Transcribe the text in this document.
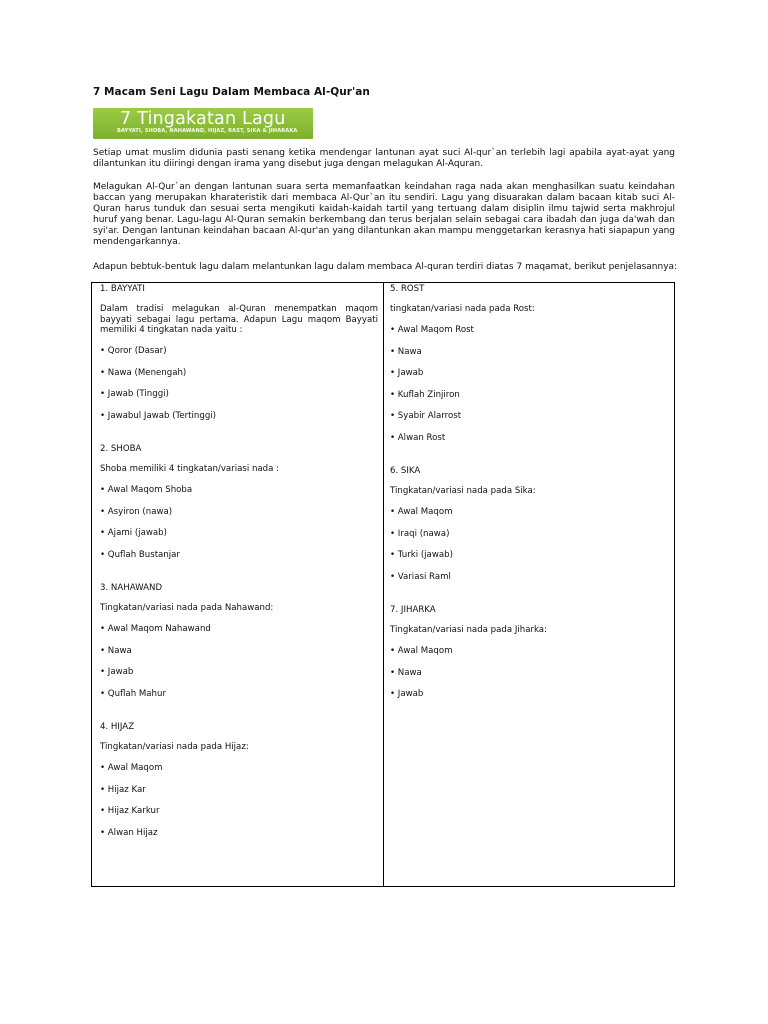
7 Macam Seni Lagu Dalam Membaca Al-Qur'an
7 Tingakatan Lagu
BAYYATI, SHOBA, NAHAWAND, HIJAZ, RAST, SIKA & JIHARAKA

Setiap umat muslim didunia pasti senang ketika mendengar lantunan ayat suci Al-qur`an terlebih lagi apabila ayat-ayat yang dilantunkan itu diiringi dengan irama yang disebut juga dengan melagukan Al-Aquran.

Melagukan Al-Qur`an dengan lantunan suara serta memanfaatkan keindahan raga nada akan menghasilkan suatu keindahan baccan yang merupakan kharateristik dari membaca Al-Qur`an itu sendiri. Lagu yang disuarakan dalam bacaan kitab suci Al-Quran harus tunduk dan sesuai serta mengikuti kaidah-kaidah tartil yang tertuang dalam disiplin ilmu tajwid serta makhrojul huruf yang benar. Lagu-lagu Al-Quran semakin berkembang dan terus berjalan selain sebagai cara ibadah dan juga da'wah dan syi'ar. Dengan lantunan keindahan bacaan Al-qur'an yang dilantunkan akan mampu menggetarkan kerasnya hati siapapun yang mendengarkannya.

Adapun bebtuk-bentuk lagu dalam melantunkan lagu dalam membaca Al-quran terdiri diatas 7 maqamat, berikut penjelasannya:

1. BAYYATI

Dalam tradisi melagukan al-Quran menempatkan maqom bayyati sebagai lagu pertama. Adapun Lagu maqom Bayyati memiliki 4 tingkatan nada yaitu :

• Qoror (Dasar)

• Nawa (Menengah)

• Jawab (Tinggi)

• Jawabul Jawab (Tertinggi)

2. SHOBA

Shoba memiliki 4 tingkatan/variasi nada :

• Awal Maqom Shoba

• Asyiron (nawa)

• Ajami (jawab)

• Quflah Bustanjar

3. NAHAWAND

Tingkatan/variasi nada pada Nahawand:

• Awal Maqom Nahawand

• Nawa

• Jawab

• Quflah Mahur

4. HIJAZ

Tingkatan/variasi nada pada Hijaz:

• Awal Maqom

• Hijaz Kar

• Hijaz Karkur

• Alwan Hijaz

5. ROST

tingkatan/variasi nada pada Rost:

• Awal Maqom Rost

• Nawa

• Jawab

• Kuflah Zinjiron

• Syabir Alarrost

• Alwan Rost

6. SIKA

Tingkatan/variasi nada pada Sika:

• Awal Maqom

• Iraqi (nawa)

• Turki (jawab)

• Variasi Raml

7. JIHARKA

Tingkatan/variasi nada pada Jiharka:

• Awal Maqom

• Nawa

• Jawab
